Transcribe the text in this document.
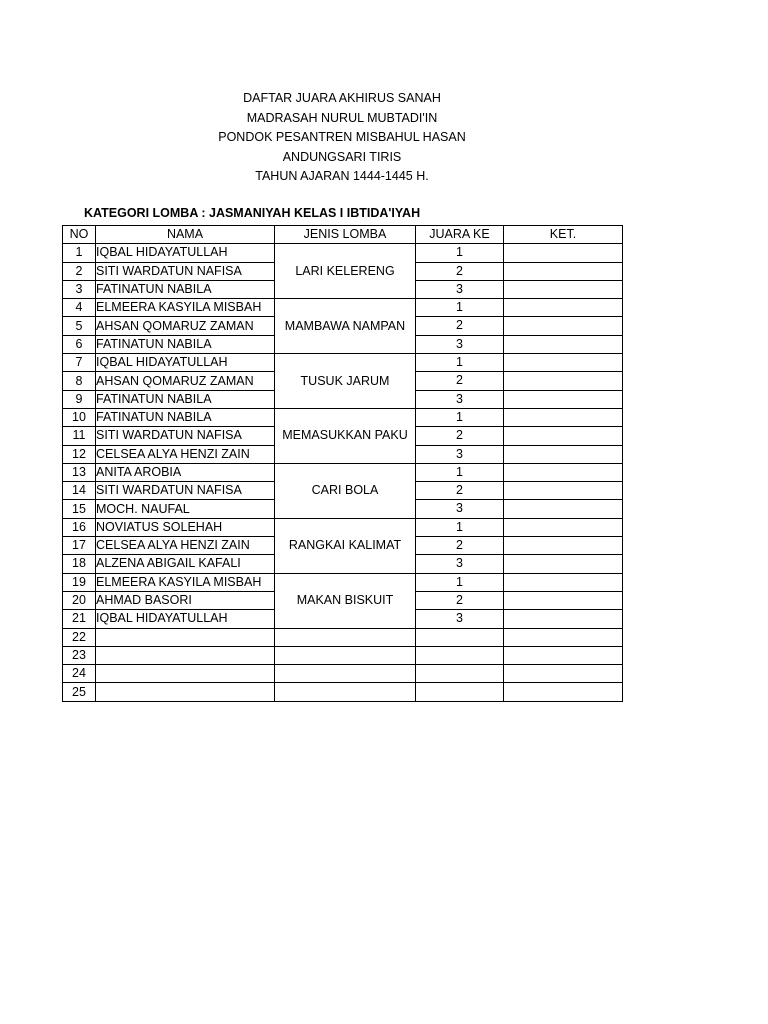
DAFTAR JUARA AKHIRUS SANAH
MADRASAH NURUL MUBTADI'IN
PONDOK PESANTREN MISBAHUL HASAN
ANDUNGSARI TIRIS
TAHUN AJARAN 1444-1445 H.
KATEGORI LOMBA : JASMANIYAH KELAS I IBTIDA'IYAH
NO	NAMA	JENIS LOMBA	JUARA KE	KET.
1	IQBAL HIDAYATULLAH	LARI KELERENG	1	
2	SITI WARDATUN NAFISA		2	
3	FATINATUN NABILA		3	
4	ELMEERA KASYILA MISBAH	MAMBAWA NAMPAN	1	
5	AHSAN QOMARUZ ZAMAN		2	
6	FATINATUN NABILA		3	
7	IQBAL HIDAYATULLAH	TUSUK JARUM	1	
8	AHSAN QOMARUZ ZAMAN		2	
9	FATINATUN NABILA		3	
10	FATINATUN NABILA	MEMASUKKAN PAKU	1	
11	SITI WARDATUN NAFISA		2	
12	CELSEA ALYA HENZI ZAIN		3	
13	ANITA AROBIA	CARI BOLA	1	
14	SITI WARDATUN NAFISA		2	
15	MOCH. NAUFAL		3	
16	NOVIATUS SOLEHAH	RANGKAI KALIMAT	1	
17	CELSEA ALYA HENZI ZAIN		2	
18	ALZENA ABIGAIL KAFALI		3	
19	ELMEERA KASYILA MISBAH	MAKAN BISKUIT	1	
20	AHMAD BASORI		2	
21	IQBAL HIDAYATULLAH		3	
22				
23				
24				
25				
